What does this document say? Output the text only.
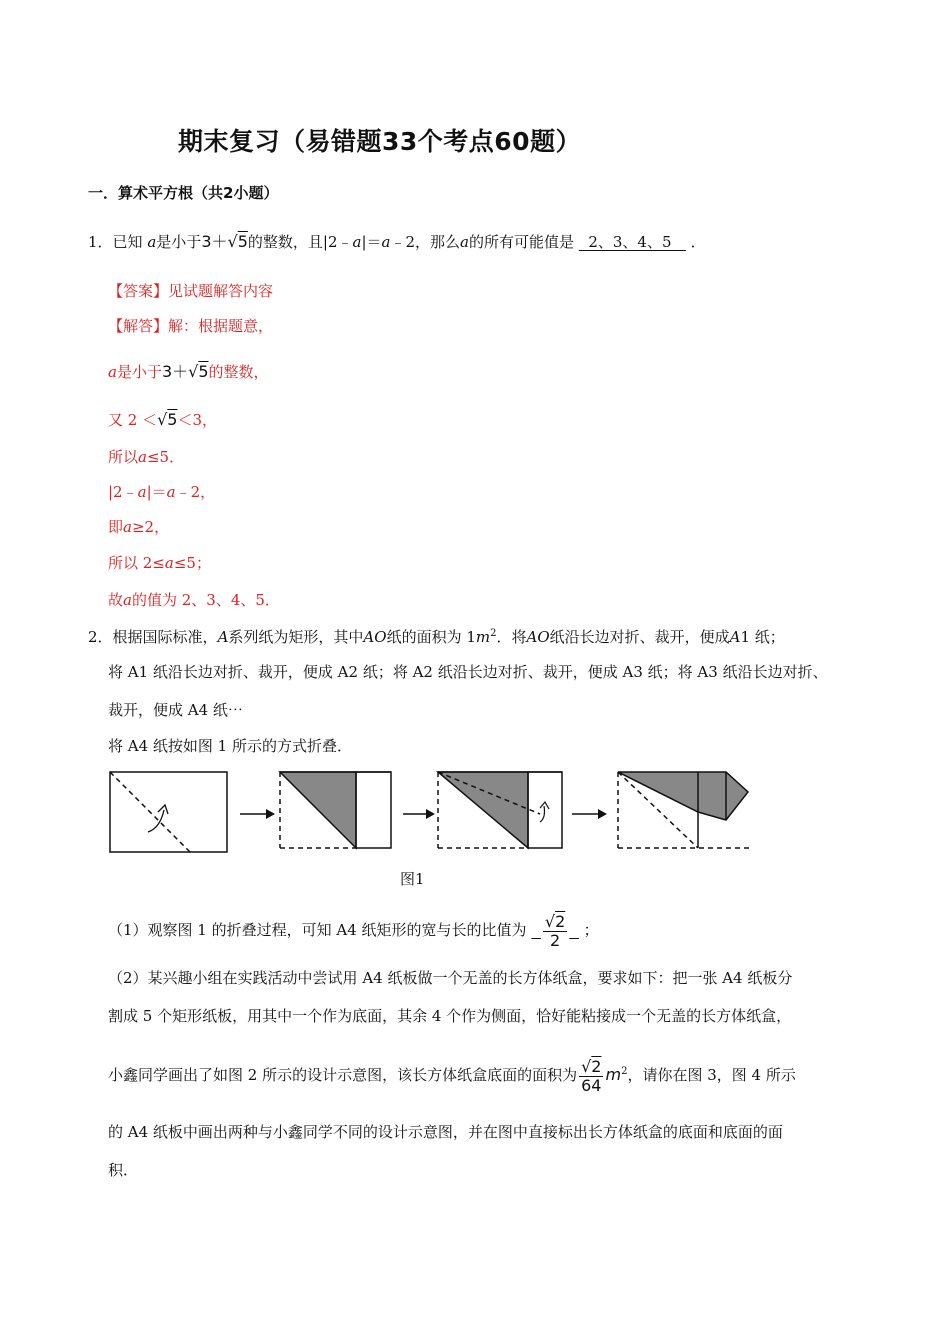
期末复习（易错题33个考点60题）
一．算术平方根（共2小题）
1．已知 a是小于3＋√5的整数，且|2﹣a|＝a﹣2，那么a的所有可能值是 2、3、4、5 ．
【答案】见试题解答内容
【解答】解：根据题意，
a是小于3＋√5的整数，
又 2 ＜√5＜3，
所以a≤5．
|2﹣a|＝a﹣2，
即a≥2，
所以 2≤a≤5；
故a的值为 2、3、4、5．
2．根据国际标准，A系列纸为矩形，其中AO纸的面积为 $1m^2$．将AO纸沿长边对折、裁开，便成A1 纸；
将 A1 纸沿长边对折、裁开，便成 A2 纸；将 A2 纸沿长边对折、裁开，便成 A3 纸；将 A3 纸沿长边对折、
裁开，便成 A4 纸⋯
将 A4 纸按如图 1 所示的方式折叠．
图1
（1）观察图 1 的折叠过程，可知 A4 纸矩形的宽与长的比值为 $\frac{√2}{2}$ ；
（2）某兴趣小组在实践活动中尝试用 A4 纸板做一个无盖的长方体纸盒，要求如下：把一张 A4 纸板分
割成 5 个矩形纸板，用其中一个作为底面，其余 4 个作为侧面，恰好能粘接成一个无盖的长方体纸盒，
小鑫同学画出了如图 2 所示的设计示意图，该长方体纸盒底面的面积为 $\frac{√2}{64} m^2$，请你在图 3，图 4 所示
的 A4 纸板中画出两种与小鑫同学不同的设计示意图，并在图中直接标出长方体纸盒的底面和底面的面
积．
